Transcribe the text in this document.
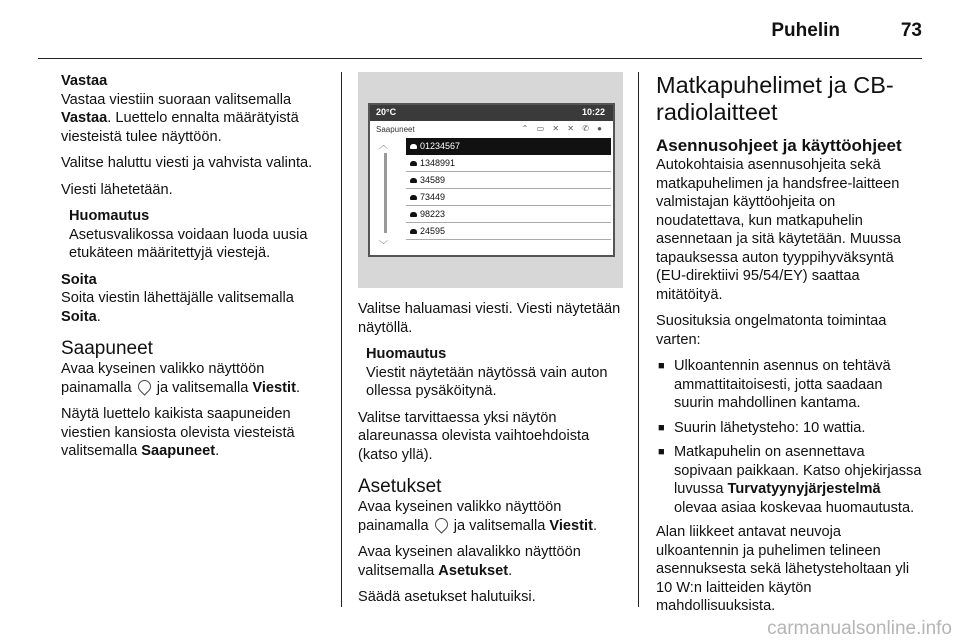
Puhelin	73
Vastaa

Vastaa viestiin suoraan valitsemalla Vastaa. Luettelo ennalta määrätyistä viesteistä tulee näyttöön.

Valitse haluttu viesti ja vahvista valinta.

Viesti lähetetään.

Huomautus
Asetusvalikossa voidaan luoda uusia etukäteen määritettyjä viestejä.
Soita

Soita viestin lähettäjälle valitsemalla Soita.

Saapuneet

Avaa kyseinen valikko näyttöön painamalla  ja valitsemalla Viestit.

Näytä luettelo kaikista saapuneiden viestien kansiosta olevista viesteistä valitsemalla Saapuneet.

20°C	10:22
Saapuneet	⌃ ▭ ✕ ✕ ✆ ●
︿
﹀
01234567
1348991
34589
73449
98223
24595

Valitse haluamasi viesti. Viesti näytetään näytöllä.

Huomautus
Viestit näytetään näytössä vain auton ollessa pysäköitynä.

Valitse tarvittaessa yksi näytön alareunassa olevista vaihtoehdoista (katso yllä).

Asetukset

Avaa kyseinen valikko näyttöön painamalla  ja valitsemalla Viestit.

Avaa kyseinen alavalikko näyttöön valitsemalla Asetukset.

Säädä asetukset halutuiksi.

Matkapuhelimet ja CB-radiolaitteet
Asennusohjeet ja käyttöohjeet

Autokohtaisia asennusohjeita sekä matkapuhelimen ja handsfree-laitteen valmistajan käyttöohjeita on noudatettava, kun matkapuhelin asennetaan ja sitä käytetään. Muussa tapauksessa auton tyyppihyväksyntä (EU-direktiivi 95/54/EY) saattaa mitätöityä.

Suosituksia ongelmatonta toimintaa varten:

■ Ulkoantennin asennus on tehtävä ammattitaitoisesti, jotta saadaan suurin mahdollinen kantama.
■ Suurin lähetysteho: 10 wattia.
■ Matkapuhelin on asennettava sopivaan paikkaan. Katso ohjekirjassa luvussa Turvatyynyjärjestelmä olevaa asiaa koskevaa huomautusta.

Alan liikkeet antavat neuvoja ulkoantennin ja puhelimen telineen asennuksesta sekä lähetysteholtaan yli 10 W:n laitteiden käytön mahdollisuuksista.

carmanualsonline.info
